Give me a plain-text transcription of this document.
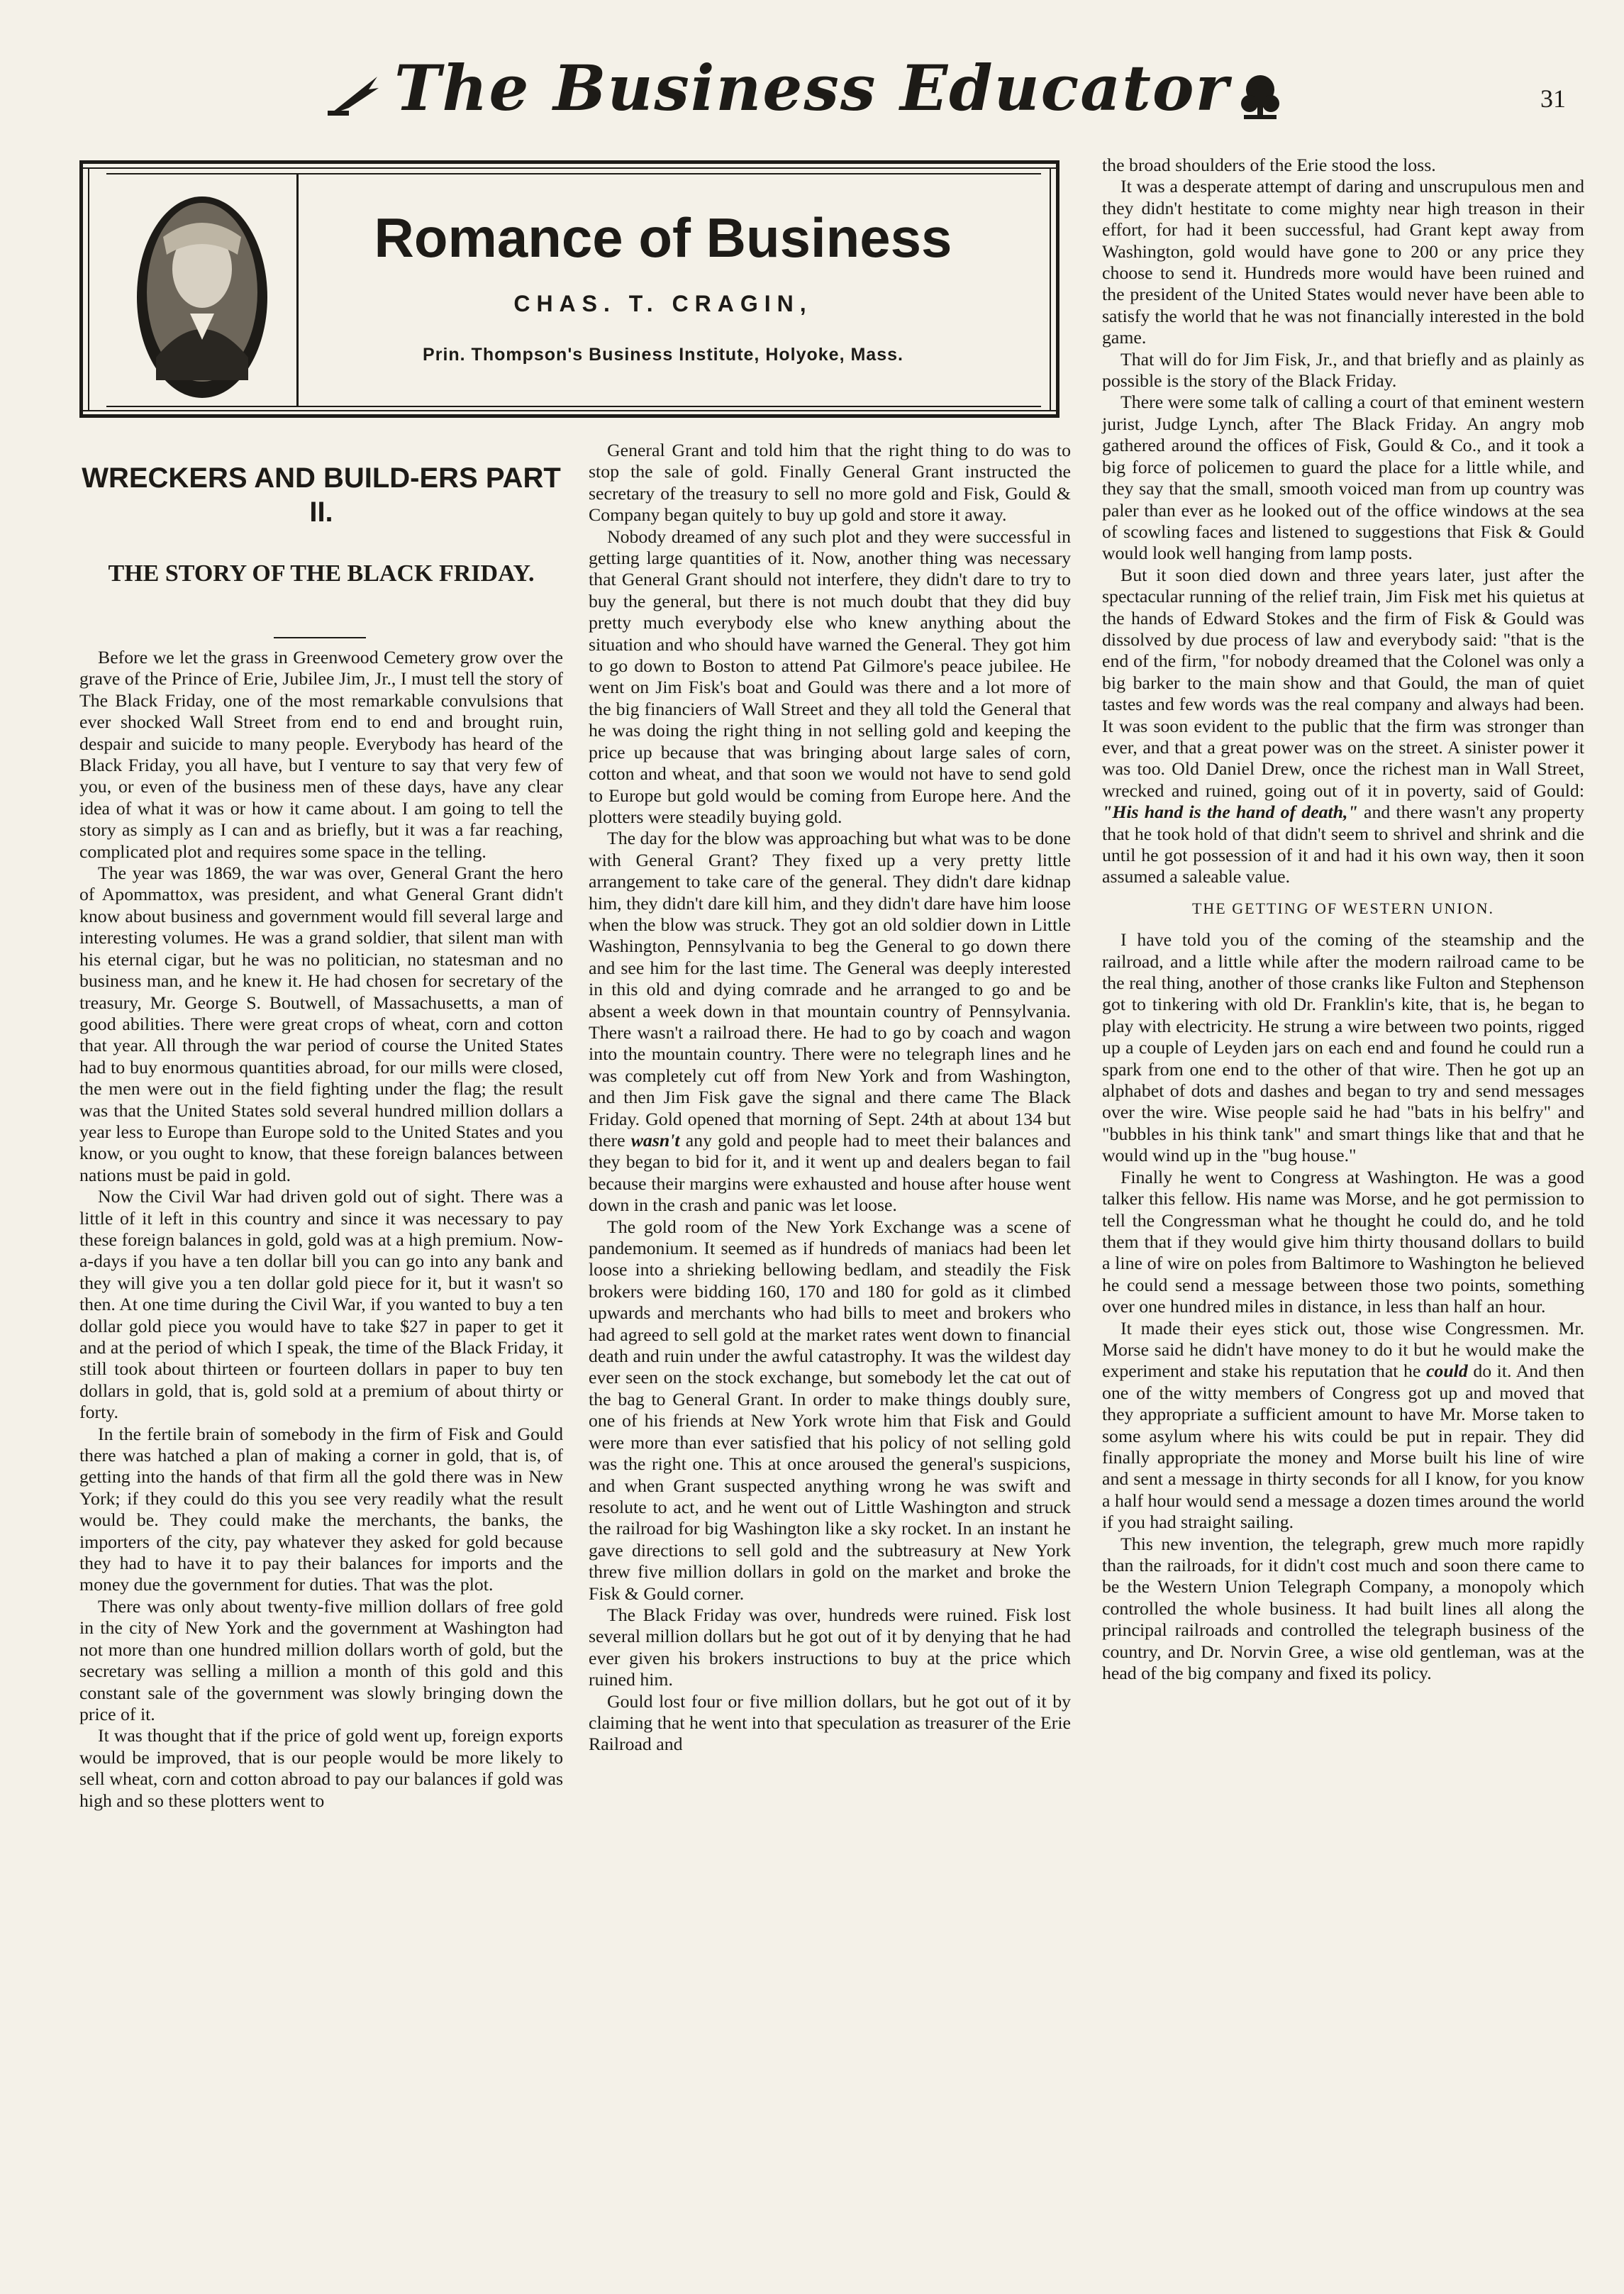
The Business Educator	31
Romance of Business
CHAS. T. CRAGIN,
Prin. Thompson's Business Institute, Holyoke, Mass.
WRECKERS AND BUILD-ERS PART II.
THE STORY OF THE BLACK FRIDAY.

Before we let the grass in Greenwood Cemetery grow over the grave of the Prince of Erie, Jubilee Jim, Jr., I must tell the story of The Black Friday, one of the most remarkable convulsions that ever shocked Wall Street from end to end and brought ruin, despair and suicide to many people. Everybody has heard of the Black Friday, you all have, but I venture to say that very few of you, or even of the business men of these days, have any clear idea of what it was or how it came about. I am going to tell the story as simply as I can and as briefly, but it was a far reaching, complicated plot and requires some space in the telling.

The year was 1869, the war was over, General Grant the hero of Apommattox, was president, and what General Grant didn't know about business and government would fill several large and interesting volumes. He was a grand soldier, that silent man with his eternal cigar, but he was no politician, no statesman and no business man, and he knew it. He had chosen for secretary of the treasury, Mr. George S. Boutwell, of Massachusetts, a man of good abilities. There were great crops of wheat, corn and cotton that year. All through the war period of course the United States had to buy enormous quantities abroad, for our mills were closed, the men were out in the field fighting under the flag; the result was that the United States sold several hundred million dollars a year less to Europe than Europe sold to the United States and you know, or you ought to know, that these foreign balances between nations must be paid in gold.

Now the Civil War had driven gold out of sight. There was a little of it left in this country and since it was necessary to pay these foreign balances in gold, gold was at a high premium. Now-a-days if you have a ten dollar bill you can go into any bank and they will give you a ten dollar gold piece for it, but it wasn't so then. At one time during the Civil War, if you wanted to buy a ten dollar gold piece you would have to take $27 in paper to get it and at the period of which I speak, the time of the Black Friday, it still took about thirteen or fourteen dollars in paper to buy ten dollars in gold, that is, gold sold at a premium of about thirty or forty.

In the fertile brain of somebody in the firm of Fisk and Gould there was hatched a plan of making a corner in gold, that is, of getting into the hands of that firm all the gold there was in New York; if they could do this you see very readily what the result would be. They could make the merchants, the banks, the importers of the city, pay whatever they asked for gold because they had to have it to pay their balances for imports and the money due the government for duties. That was the plot.

There was only about twenty-five million dollars of free gold in the city of New York and the government at Washington had not more than one hundred million dollars worth of gold, but the secretary was selling a million a month of this gold and this constant sale of the government was slowly bringing down the price of it.

It was thought that if the price of gold went up, foreign exports would be improved, that is our people would be more likely to sell wheat, corn and cotton abroad to pay our balances if gold was high and so these plotters went to

General Grant and told him that the right thing to do was to stop the sale of gold. Finally General Grant instructed the secretary of the treasury to sell no more gold and Fisk, Gould & Company began quitely to buy up gold and store it away.

Nobody dreamed of any such plot and they were successful in getting large quantities of it. Now, another thing was necessary that General Grant should not interfere, they didn't dare to try to buy the general, but there is not much doubt that they did buy pretty much everybody else who knew anything about the situation and who should have warned the General. They got him to go down to Boston to attend Pat Gilmore's peace jubilee. He went on Jim Fisk's boat and Gould was there and a lot more of the big financiers of Wall Street and they all told the General that he was doing the right thing in not selling gold and keeping the price up because that was bringing about large sales of corn, cotton and wheat, and that soon we would not have to send gold to Europe but gold would be coming from Europe here. And the plotters were steadily buying gold.

The day for the blow was approaching but what was to be done with General Grant? They fixed up a very pretty little arrangement to take care of the general. They didn't dare kidnap him, they didn't dare kill him, and they didn't dare have him loose when the blow was struck. They got an old soldier down in Little Washington, Pennsylvania to beg the General to go down there and see him for the last time. The General was deeply interested in this old and dying comrade and he arranged to go and be absent a week down in that mountain country of Pennsylvania. There wasn't a railroad there. He had to go by coach and wagon into the mountain country. There were no telegraph lines and he was completely cut off from New York and from Washington, and then Jim Fisk gave the signal and there came The Black Friday. Gold opened that morning of Sept. 24th at about 134 but there wasn't any gold and people had to meet their balances and they began to bid for it, and it went up and dealers began to fail because their margins were exhausted and house after house went down in the crash and panic was let loose.

The gold room of the New York Exchange was a scene of pandemonium. It seemed as if hundreds of maniacs had been let loose into a shrieking bellowing bedlam, and steadily the Fisk brokers were bidding 160, 170 and 180 for gold as it climbed upwards and merchants who had bills to meet and brokers who had agreed to sell gold at the market rates went down to financial death and ruin under the awful catastrophy. It was the wildest day ever seen on the stock exchange, but somebody let the cat out of the bag to General Grant. In order to make things doubly sure, one of his friends at New York wrote him that Fisk and Gould were more than ever satisfied that his policy of not selling gold was the right one. This at once aroused the general's suspicions, and when Grant suspected anything wrong he was swift and resolute to act, and he went out of Little Washington and struck the railroad for big Washington like a sky rocket. In an instant he gave directions to sell gold and the subtreasury at New York threw five million dollars in gold on the market and broke the Fisk & Gould corner.

The Black Friday was over, hundreds were ruined. Fisk lost several million dollars but he got out of it by denying that he had ever given his brokers instructions to buy at the price which ruined him.

Gould lost four or five million dollars, but he got out of it by claiming that he went into that speculation as treasurer of the Erie Railroad and

the broad shoulders of the Erie stood the loss.

It was a desperate attempt of daring and unscrupulous men and they didn't hestitate to come mighty near high treason in their effort, for had it been successful, had Grant kept away from Washington, gold would have gone to 200 or any price they choose to send it. Hundreds more would have been ruined and the president of the United States would never have been able to satisfy the world that he was not financially interested in the bold game.

That will do for Jim Fisk, Jr., and that briefly and as plainly as possible is the story of the Black Friday.

There were some talk of calling a court of that eminent western jurist, Judge Lynch, after The Black Friday. An angry mob gathered around the offices of Fisk, Gould & Co., and it took a big force of policemen to guard the place for a little while, and they say that the small, smooth voiced man from up country was paler than ever as he looked out of the office windows at the sea of scowling faces and listened to suggestions that Fisk & Gould would look well hanging from lamp posts.

But it soon died down and three years later, just after the spectacular running of the relief train, Jim Fisk met his quietus at the hands of Edward Stokes and the firm of Fisk & Gould was dissolved by due process of law and everybody said: "that is the end of the firm, "for nobody dreamed that the Colonel was only a big barker to the main show and that Gould, the man of quiet tastes and few words was the real company and always had been. It was soon evident to the public that the firm was stronger than ever, and that a great power was on the street. A sinister power it was too. Old Daniel Drew, once the richest man in Wall Street, wrecked and ruined, going out of it in poverty, said of Gould: "His hand is the hand of death," and there wasn't any property that he took hold of that didn't seem to shrivel and shrink and die until he got possession of it and had it his own way, then it soon assumed a saleable value.

THE GETTING OF WESTERN UNION.

I have told you of the coming of the steamship and the railroad, and a little while after the modern railroad came to be the real thing, another of those cranks like Fulton and Stephenson got to tinkering with old Dr. Franklin's kite, that is, he began to play with electricity. He strung a wire between two points, rigged up a couple of Leyden jars on each end and found he could run a spark from one end to the other of that wire. Then he got up an alphabet of dots and dashes and began to try and send messages over the wire. Wise people said he had "bats in his belfry" and "bubbles in his think tank" and smart things like that and that he would wind up in the "bug house."

Finally he went to Congress at Washington. He was a good talker this fellow. His name was Morse, and he got permission to tell the Congressman what he thought he could do, and he told them that if they would give him thirty thousand dollars to build a line of wire on poles from Baltimore to Washington he believed he could send a message between those two points, something over one hundred miles in distance, in less than half an hour.

It made their eyes stick out, those wise Congressmen. Mr. Morse said he didn't have money to do it but he would make the experiment and stake his reputation that he could do it. And then one of the witty members of Congress got up and moved that they appropriate a sufficient amount to have Mr. Morse taken to some asylum where his wits could be put in repair. They did finally appropriate the money and Morse built his line of wire and sent a message in thirty seconds for all I know, for you know a half hour would send a message a dozen times around the world if you had straight sailing.

This new invention, the telegraph, grew much more rapidly than the railroads, for it didn't cost much and soon there came to be the Western Union Telegraph Company, a monopoly which controlled the whole business. It had built lines all along the principal railroads and controlled the telegraph business of the country, and Dr. Norvin Gree, a wise old gentleman, was at the head of the big company and fixed its policy.
